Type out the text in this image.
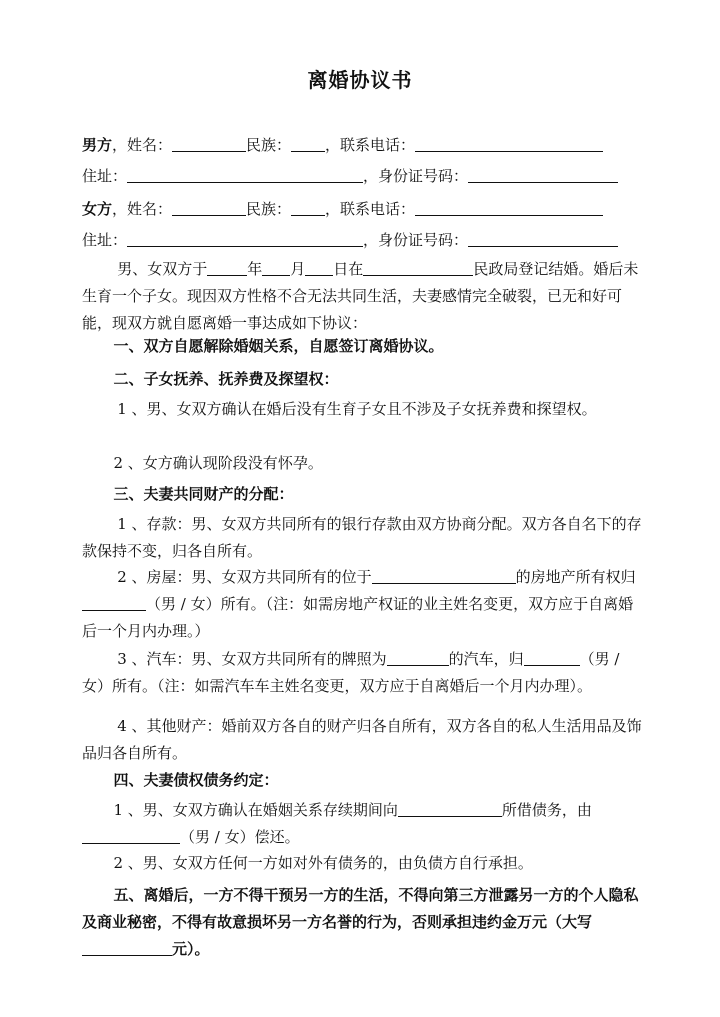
离婚协议书
男方，姓名：	民族： ，联系电话：
住址：	，身份证号码：
女方，姓名：	民族： ，联系电话：
住址：	，身份证号码：
男、女双方于	年 月 日在	民政局登记结婚。婚后未生育一个子女。现因双方性格不合无法共同生活，夫妻感情完全破裂，已无和好可能，现双方就自愿离婚一事达成如下协议：
一、双方自愿解除婚姻关系，自愿签订离婚协议。
二、子女抚养、抚养费及探望权：
1 、男、女双方确认在婚后没有生育子女且不涉及子女抚养费和探望权。
2 、女方确认现阶段没有怀孕。
三、夫妻共同财产的分配：
1 、存款：男、女双方共同所有的银行存款由双方协商分配。双方各自名下的存款保持不变，归各自所有。
2 、房屋：男、女双方共同所有的位于	的房地产所有权归（男 / 女）所有。（注：如需房地产权证的业主姓名变更，双方应于自离婚后一个月内办理。）
3 、汽车：男、女双方共同所有的牌照为	的汽车，归	（男 / 女）所有。（注：如需汽车车主姓名变更，双方应于自离婚后一个月内办理）。
4 、其他财产：婚前双方各自的财产归各自所有，双方各自的私人生活用品及饰品归各自所有。
四、夫妻债权债务约定：
1 、男、女双方确认在婚姻关系存续期间向	所借债务，由（男 / 女）偿还。
2 、男、女双方任何一方如对外有债务的，由负债方自行承担。
五、离婚后，一方不得干预另一方的生活，不得向第三方泄露另一方的个人隐私及商业秘密，不得有故意损坏另一方名誉的行为，否则承担违约金万元（大写元）。
